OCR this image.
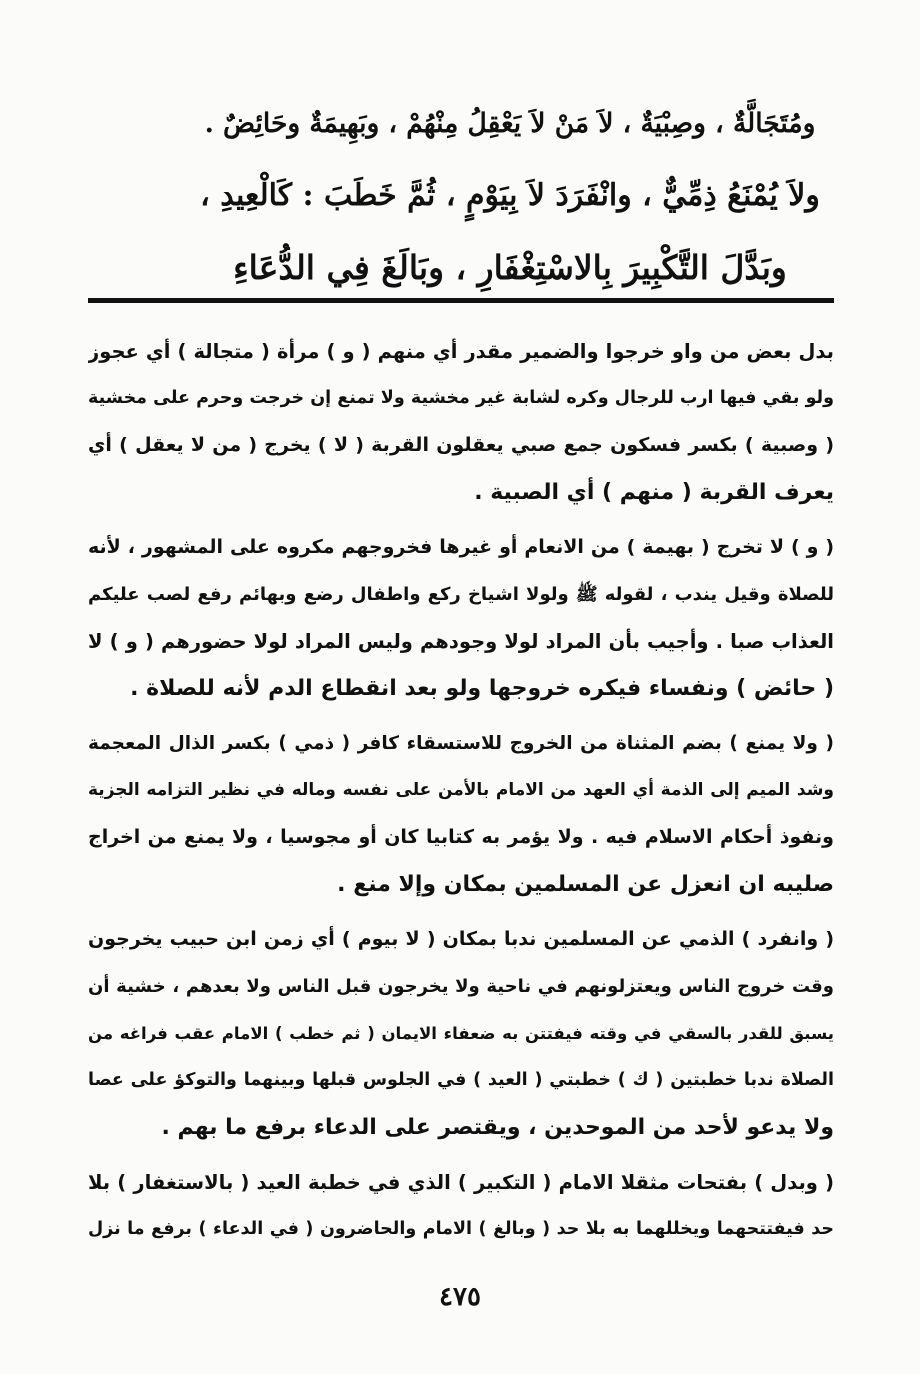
ومُتَجَالَّةٌ ، وصِبْيَةٌ ، لاَ مَنْ لاَ يَعْقِلُ مِنْهُمْ ، وبَهِيمَةٌ وحَائِضٌ .
ولاَ يُمْنَعُ ذِمِّيٌّ ، وانْفَرَدَ لاَ بِيَوْمٍ ، ثُمَّ خَطَبَ : كَالْعِيدِ ،
وبَدَّلَ التَّكْبِيرَ بِالاسْتِغْفَارِ ، وبَالَغَ فِي الدُّعَاءِ
بدل بعض من واو خرجوا والضمير مقدر أي منهم ( و ) مرأة ( متجالة ) أي عجوز
ولو بقي فيها ارب للرجال وكره لشابة غير مخشية ولا تمنع إن خرجت وحرم على مخشية
( وصبية ) بكسر فسكون جمع صبي يعقلون القربة ( لا ) يخرج ( من لا يعقل ) أي
يعرف القربة ( منهم ) أي الصبية .
( و ) لا تخرج ( بهيمة ) من الانعام أو غيرها فخروجهم مكروه على المشهور ، لأنه
للصلاة وقيل يندب ، لقوله ﷺ ولولا اشياخ ركع واطفال رضع وبهائم رفع لصب عليكم
العذاب صبا . وأجيب بأن المراد لولا وجودهم وليس المراد لولا حضورهم ( و ) لا
( حائض ) ونفساء فيكره خروجها ولو بعد انقطاع الدم لأنه للصلاة .
( ولا يمنع ) بضم المثناة من الخروج للاستسقاء كافر ( ذمي ) بكسر الذال المعجمة
وشد الميم إلى الذمة أي العهد من الامام بالأمن على نفسه وماله في نظير التزامه الجزية
ونفوذ أحكام الاسلام فيه . ولا يؤمر به كتابيا كان أو مجوسيا ، ولا يمنع من اخراج
صليبه ان انعزل عن المسلمين بمكان وإلا منع .
( وانفرد ) الذمي عن المسلمين ندبا بمكان ( لا بيوم ) أي زمن ابن حبيب يخرجون
وقت خروج الناس ويعتزلونهم في ناحية ولا يخرجون قبل الناس ولا بعدهم ، خشية أن
يسبق للقدر بالسقي في وقته فيفتتن به ضعفاء الايمان ( ثم خطب ) الامام عقب فراغه من
الصلاة ندبا خطبتين ( ك ) خطبتي ( العيد ) في الجلوس قبلها وبينهما والتوكؤ على عصا
ولا يدعو لأحد من الموحدين ، ويقتصر على الدعاء برفع ما بهم .
( وبدل ) بفتحات مثقلا الامام ( التكبير ) الذي في خطبة العيد ( بالاستغفار ) بلا
حد فيفتتحهما ويخللهما به بلا حد ( وبالغ ) الامام والحاضرون ( في الدعاء ) برفع ما نزل
٤٧٥
